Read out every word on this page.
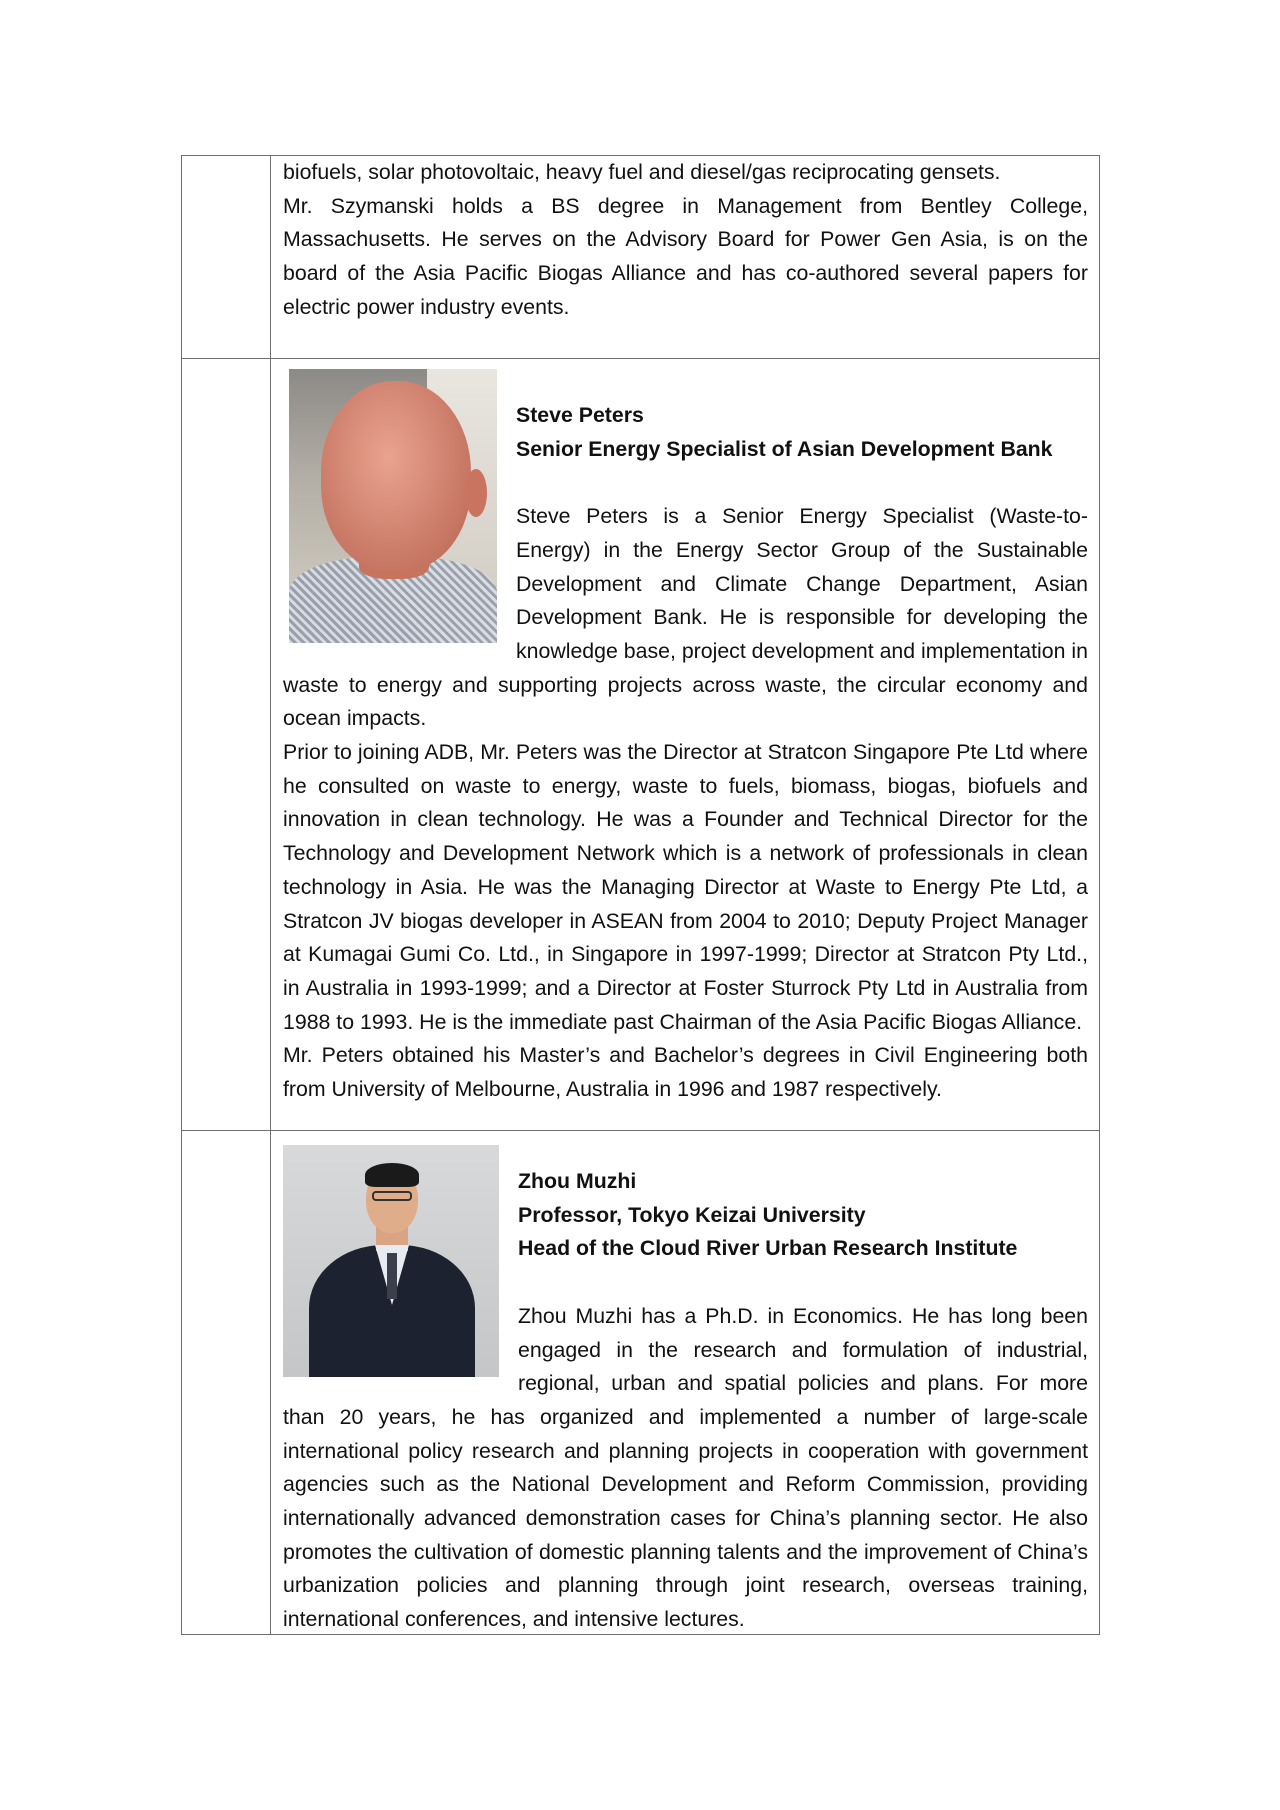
biofuels, solar photovoltaic, heavy fuel and diesel/gas reciprocating gensets.

Mr. Szymanski holds a BS degree in Management from Bentley College, Massachusetts. He serves on the Advisory Board for Power Gen Asia, is on the board of the Asia Pacific Biogas Alliance and has co-authored several papers for electric power industry events.

Steve Peters

Senior Energy Specialist of Asian Development Bank

Steve Peters is a Senior Energy Specialist (Waste-to-Energy) in the Energy Sector Group of the Sustainable Development and Climate Change Department, Asian Development Bank. He is responsible for developing the knowledge base, project development and implementation in waste to energy and supporting projects across waste, the circular economy and ocean impacts.

Prior to joining ADB, Mr. Peters was the Director at Stratcon Singapore Pte Ltd where he consulted on waste to energy, waste to fuels, biomass, biogas, biofuels and innovation in clean technology. He was a Founder and Technical Director for the Technology and Development Network which is a network of professionals in clean technology in Asia. He was the Managing Director at Waste to Energy Pte Ltd, a Stratcon JV biogas developer in ASEAN from 2004 to 2010; Deputy Project Manager at Kumagai Gumi Co. Ltd., in Singapore in 1997-1999; Director at Stratcon Pty Ltd., in Australia in 1993-1999; and a Director at Foster Sturrock Pty Ltd in Australia from 1988 to 1993. He is the immediate past Chairman of the Asia Pacific Biogas Alliance.

Mr. Peters obtained his Master’s and Bachelor’s degrees in Civil Engineering both from University of Melbourne, Australia in 1996 and 1987 respectively.

Zhou Muzhi

Professor, Tokyo Keizai University

Head of the Cloud River Urban Research Institute

Zhou Muzhi has a Ph.D. in Economics. He has long been engaged in the research and formulation of industrial, regional, urban and spatial policies and plans. For more than 20 years, he has organized and implemented a number of large-scale international policy research and planning projects in cooperation with government agencies such as the National Development and Reform Commission, providing internationally advanced demonstration cases for China’s planning sector. He also promotes the cultivation of domestic planning talents and the improvement of China’s urbanization policies and planning through joint research, overseas training, international conferences, and intensive lectures.
